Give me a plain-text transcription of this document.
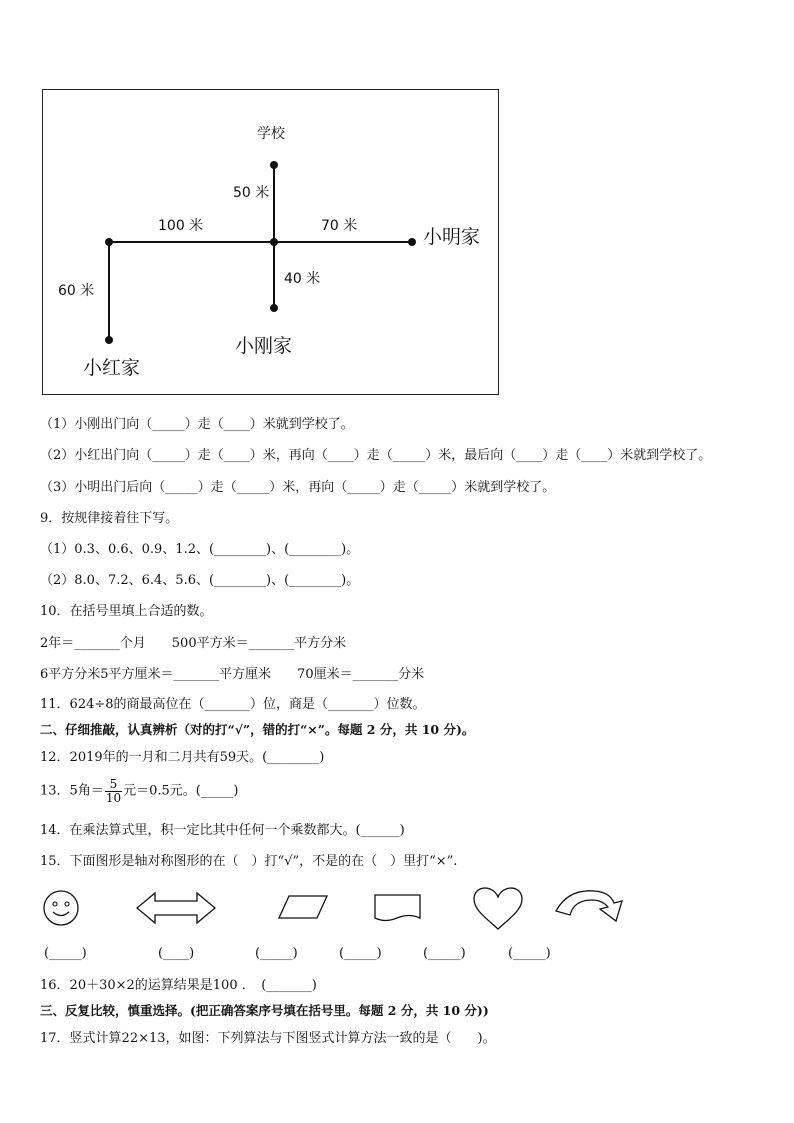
学校
50 米
100 米	70 米	小明家
40 米
60 米
小刚家
小红家
（1）小刚出门向（_____）走（____）米就到学校了。
（2）小红出门向（_____）走（____）米，再向（____）走（_____）米，最后向（____）走（____）米就到学校了。
（3）小明出门后向（_____）走（_____）米，再向（_____）走（_____）米就到学校了。
9．按规律接着往下写。
（1）0.3、0.6、0.9、1.2、(________)、(________)。
（2）8.0、7.2、6.4、5.6、(________)、(________)。
10．在括号里填上合适的数。
2年＝_______个月　　500平方米＝_______平方分米
6平方分米5平方厘米＝_______平方厘米　　70厘米＝_______分米
11．624÷8的商最高位在（_______）位，商是（_______）位数。
二、仔细推敲，认真辨析（对的打“√”，错的打“×”。每题 2 分，共 10 分)。
12．2019年的一月和二月共有59天。(________)
13．5角＝ $\frac{5}{10}$ 元＝0.5元。(_____)
14．在乘法算式里，积一定比其中任何一个乘数都大。(______)
15．下面图形是轴对称图形的在（　）打“√”，不是的在（　）里打“×”.
(_____)	(____)	(_____)	(_____)	(_____)	(_____)
16．20＋30×2的运算结果是100 ．　(_______)
三、反复比较，慎重选择。(把正确答案序号填在括号里。每题 2 分，共 10 分))
17．竖式计算22×13，如图：下列算法与下图竖式计算方法一致的是（　　)。
